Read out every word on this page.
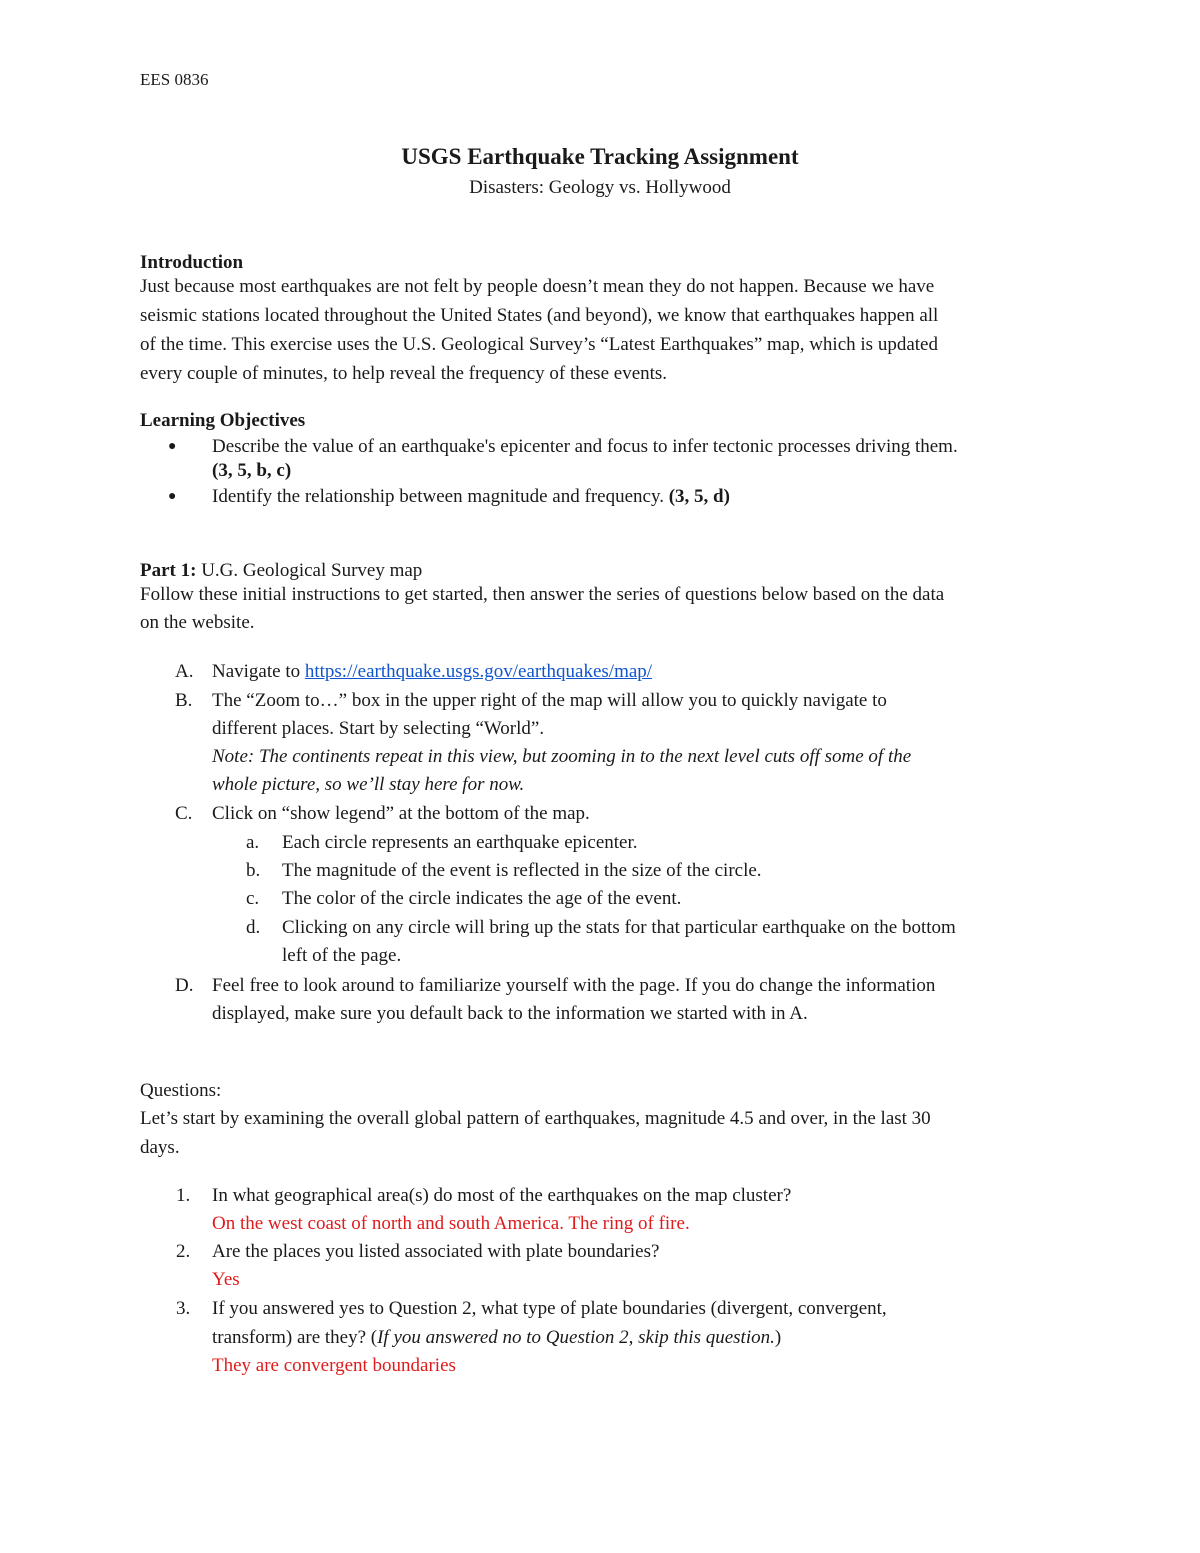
EES 0836
USGS Earthquake Tracking Assignment
Disasters: Geology vs. Hollywood
Introduction
Just because most earthquakes are not felt by people doesn’t mean they do not happen. Because we have
seismic stations located throughout the United States (and beyond), we know that earthquakes happen all
of the time. This exercise uses the U.S. Geological Survey’s “Latest Earthquakes” map, which is updated
every couple of minutes, to help reveal the frequency of these events.
Learning Objectives
● Describe the value of an earthquake's epicenter and focus to infer tectonic processes driving them.
(3, 5, b, c)
● Identify the relationship between magnitude and frequency. (3, 5, d)
Part 1: U.G. Geological Survey map
Follow these initial instructions to get started, then answer the series of questions below based on the data
on the website.
A. Navigate to https://earthquake.usgs.gov/earthquakes/map/
B. The “Zoom to…” box in the upper right of the map will allow you to quickly navigate to
different places. Start by selecting “World”.
Note: The continents repeat in this view, but zooming in to the next level cuts off some of the
whole picture, so we’ll stay here for now.
C. Click on “show legend” at the bottom of the map.
a. Each circle represents an earthquake epicenter.
b. The magnitude of the event is reflected in the size of the circle.
c. The color of the circle indicates the age of the event.
d. Clicking on any circle will bring up the stats for that particular earthquake on the bottom
left of the page.
D. Feel free to look around to familiarize yourself with the page. If you do change the information
displayed, make sure you default back to the information we started with in A.
Questions:
Let’s start by examining the overall global pattern of earthquakes, magnitude 4.5 and over, in the last 30
days.
1. In what geographical area(s) do most of the earthquakes on the map cluster?
On the west coast of north and south America. The ring of fire.
2. Are the places you listed associated with plate boundaries?
Yes
3. If you answered yes to Question 2, what type of plate boundaries (divergent, convergent,
transform) are they? (If you answered no to Question 2, skip this question.)
They are convergent boundaries
